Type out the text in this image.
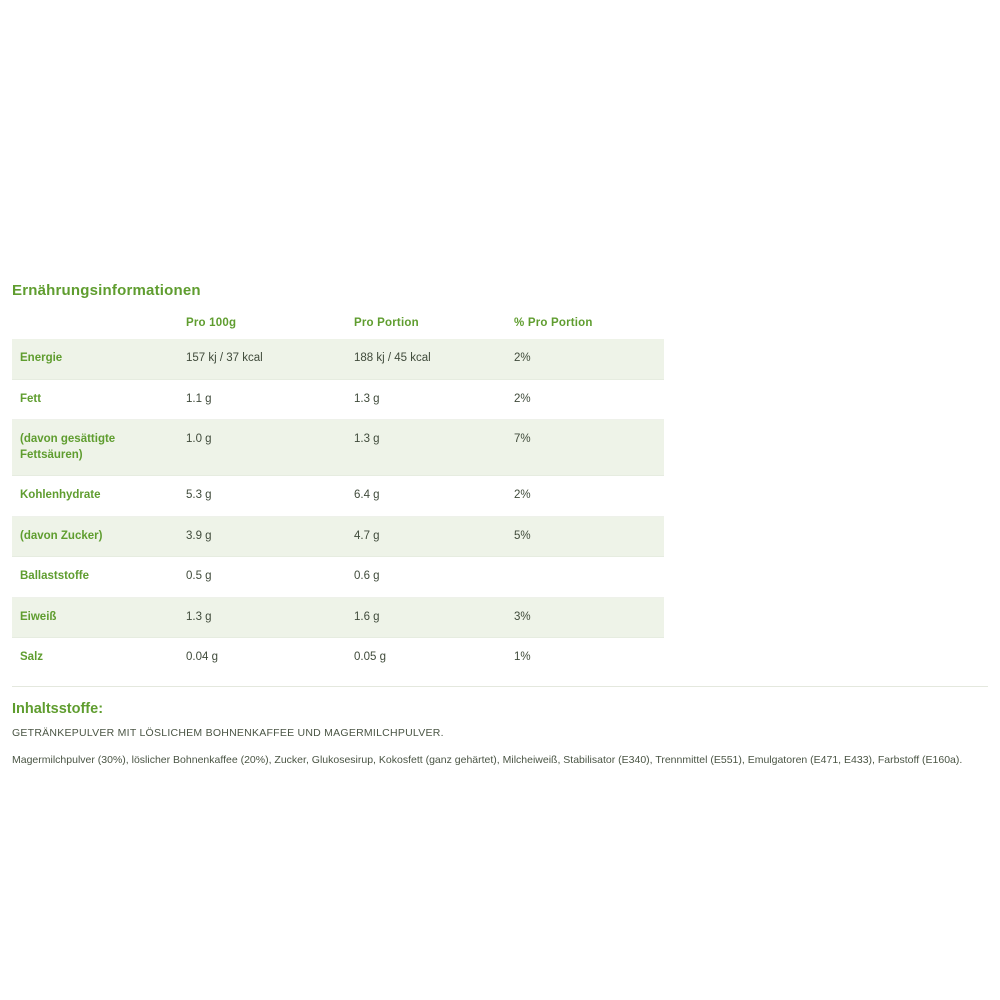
Ernährungsinformationen
	Pro 100g	Pro Portion	% Pro Portion
Energie	157 kj / 37 kcal	188 kj / 45 kcal	2%
Fett	1.1 g	1.3 g	2%
(davon gesättigte Fettsäuren)	1.0 g	1.3 g	7%
Kohlenhydrate	5.3 g	6.4 g	2%
(davon Zucker)	3.9 g	4.7 g	5%
Ballaststoffe	0.5 g	0.6 g	
Eiweiß	1.3 g	1.6 g	3%
Salz	0.04 g	0.05 g	1%
Inhaltsstoffe:

GETRÄNKEPULVER MIT LÖSLICHEM BOHNENKAFFEE UND MAGERMILCHPULVER.

Magermilchpulver (30%), löslicher Bohnenkaffee (20%), Zucker, Glukosesirup, Kokosfett (ganz gehärtet), Milcheiweiß, Stabilisator (E340), Trennmittel (E551), Emulgatoren (E471, E433), Farbstoff (E160a).
